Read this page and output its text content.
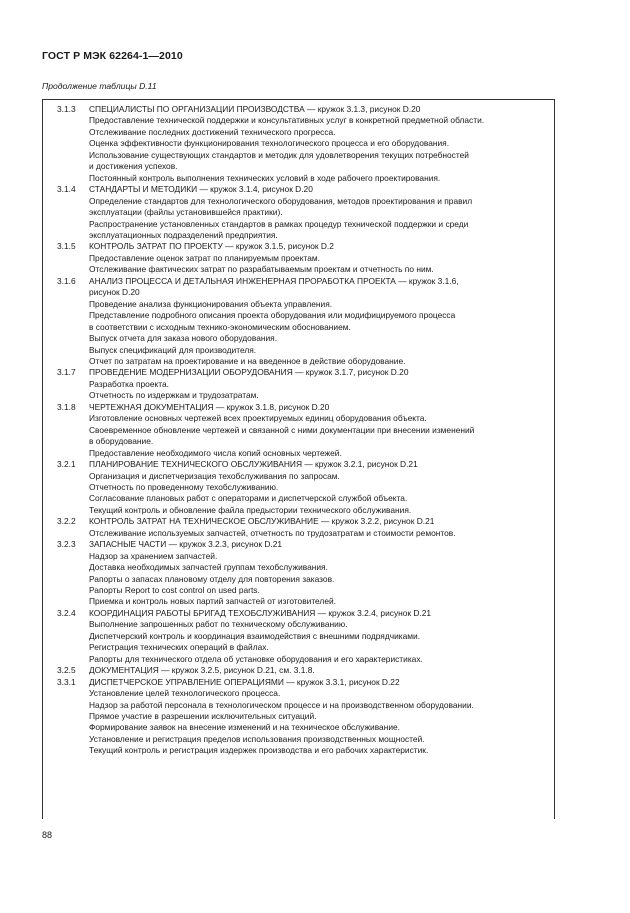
ГОСТ Р МЭК 62264-1—2010
Продолжение таблицы D.11
3.1.3	СПЕЦИАЛИСТЫ ПО ОРГАНИЗАЦИИ ПРОИЗВОДСТВА — кружок 3.1.3, рисунок D.20
Предоставление технической поддержки и консультативных услуг в конкретной предметной области.
Отслеживание последних достижений технического прогресса.
Оценка эффективности функционирования технологического процесса и его оборудования.
Использование существующих стандартов и методик для удовлетворения текущих потребностей
и достижения успехов.
Постоянный контроль выполнения технических условий в ходе рабочего проектирования.
3.1.4	СТАНДАРТЫ И МЕТОДИКИ — кружок 3.1.4, рисунок D.20
Определение стандартов для технологического оборудования, методов проектирования и правил
эксплуатации (файлы установившейся практики).
Распространение установленных стандартов в рамках процедур технической поддержки и среди
эксплуатационных подразделений предприятия.
3.1.5	КОНТРОЛЬ ЗАТРАТ ПО ПРОЕКТУ — кружок 3.1.5, рисунок D.2
Предоставление оценок затрат по планируемым проектам.
Отслеживание фактических затрат по разрабатываемым проектам и отчетность по ним.
3.1.6	АНАЛИЗ ПРОЦЕССА И ДЕТАЛЬНАЯ ИНЖЕНЕРНАЯ ПРОРАБОТКА ПРОЕКТА — кружок 3.1.6,
рисунок D.20
Проведение анализа функционирования объекта управления.
Представление подробного описания проекта оборудования или модифицируемого процесса
в соответствии с исходным технико-экономическим обоснованием.
Выпуск отчета для заказа нового оборудования.
Выпуск спецификаций для производителя.
Отчет по затратам на проектирование и на введенное в действие оборудование.
3.1.7	ПРОВЕДЕНИЕ МОДЕРНИЗАЦИИ ОБОРУДОВАНИЯ — кружок 3.1.7, рисунок D.20
Разработка проекта.
Отчетность по издержкам и трудозатратам.
3.1.8	ЧЕРТЕЖНАЯ ДОКУМЕНТАЦИЯ — кружок 3.1.8, рисунок D.20
Изготовление основных чертежей всех проектируемых единиц оборудования объекта.
Своевременное обновление чертежей и связанной с ними документации при внесении изменений
в оборудование.
Предоставление необходимого числа копий основных чертежей.
3.2.1	ПЛАНИРОВАНИЕ ТЕХНИЧЕСКОГО ОБСЛУЖИВАНИЯ — кружок 3.2.1, рисунок D.21
Организация и диспетчеризация техобслуживания по запросам.
Отчетность по проведенному техобслуживанию.
Согласование плановых работ с операторами и диспетчерской службой объекта.
Текущий контроль и обновление файла предыстории технического обслуживания.
3.2.2	КОНТРОЛЬ ЗАТРАТ НА ТЕХНИЧЕСКОЕ ОБСЛУЖИВАНИЕ — кружок 3.2.2, рисунок D.21
Отслеживание используемых запчастей, отчетность по трудозатратам и стоимости ремонтов.
3.2.3	ЗАПАСНЫЕ ЧАСТИ — кружок 3.2.3, рисунок D.21
Надзор за хранением запчастей.
Доставка необходимых запчастей группам техобслуживания.
Рапорты о запасах плановому отделу для повторения заказов.
Рапорты Report to cost control on used parts.
Приемка и контроль новых партий запчастей от изготовителей.
3.2.4	КООРДИНАЦИЯ РАБОТЫ БРИГАД ТЕХОБСЛУЖИВАНИЯ — кружок 3.2.4, рисунок D.21
Выполнение запрошенных работ по техническому обслуживанию.
Диспетчерский контроль и координация взаимодействия с внешними подрядчиками.
Регистрация технических операций в файлах.
Рапорты для технического отдела об установке оборудования и его характеристиках.
3.2.5	ДОКУМЕНТАЦИЯ — кружок 3.2.5, рисунок D.21, см. 3.1.8.
3.3.1	ДИСПЕТЧЕРСКОЕ УПРАВЛЕНИЕ ОПЕРАЦИЯМИ — кружок 3.3.1, рисунок D.22
Установление целей технологического процесса.
Надзор за работой персонала в технологическом процессе и на производственном оборудовании.
Прямое участие в разрешении исключительных ситуаций.
Формирование заявок на внесение изменений и на техническое обслуживание.
Установление и регистрация пределов использования производственных мощностей.
Текущий контроль и регистрация издержек производства и его рабочих характеристик.
88
